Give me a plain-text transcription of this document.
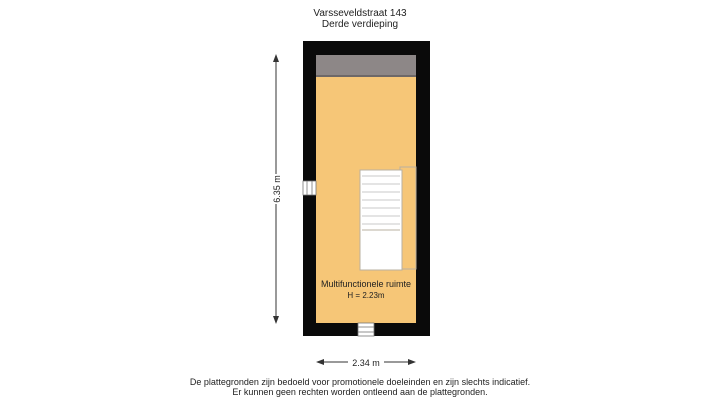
Varsseveldstraat 143
Derde verdieping
Multifunctionele ruimte
H = 2.23m
6.35 m
2.34 m
De plattegronden zijn bedoeld voor promotionele doeleinden en zijn slechts indicatief.
Er kunnen geen rechten worden ontleend aan de plattegronden.
